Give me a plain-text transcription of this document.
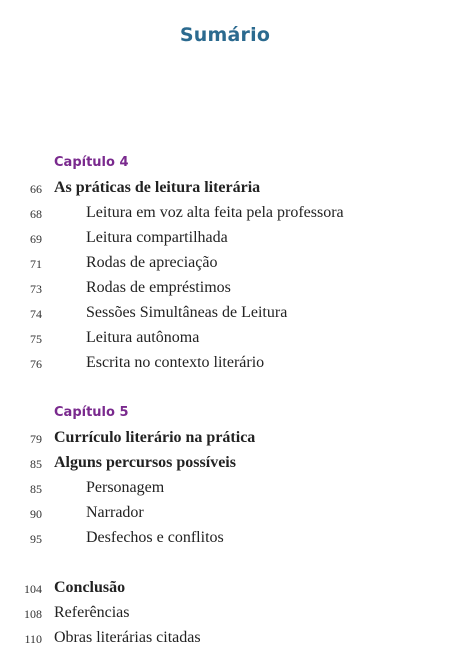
Sumário
Capítulo 4
66 As práticas de leitura literária
68	Leitura em voz alta feita pela professora
69	Leitura compartilhada
71	Rodas de apreciação
73	Rodas de empréstimos
74	Sessões Simultâneas de Leitura
75	Leitura autônoma
76	Escrita no contexto literário
Capítulo 5
79 Currículo literário na prática
85 Alguns percursos possíveis
85	Personagem
90	Narrador
95	Desfechos e conflitos
104 Conclusão
108 Referências
110 Obras literárias citadas
